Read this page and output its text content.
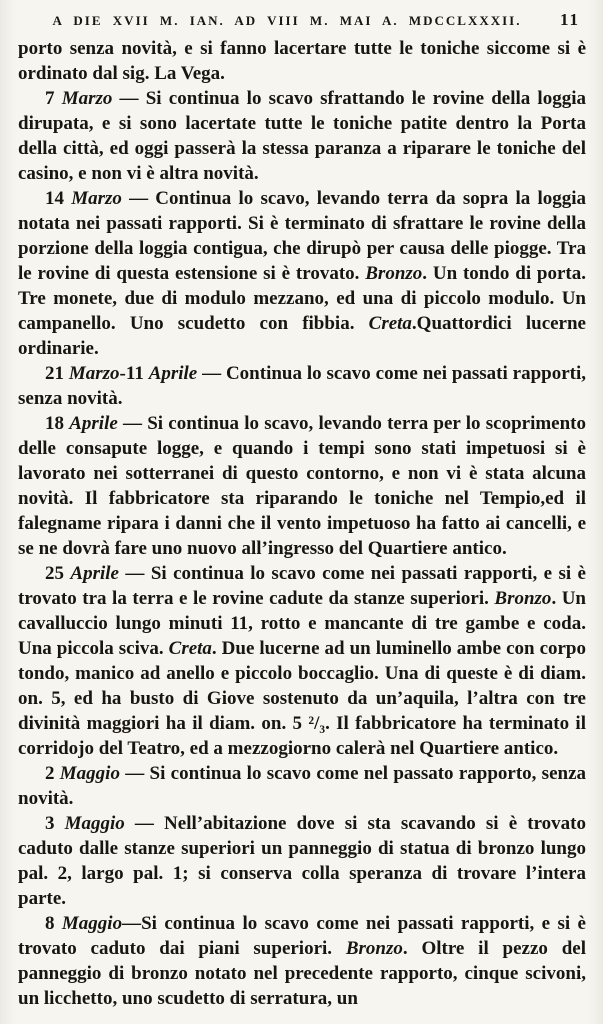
A DIE XVII M. IAN. AD VIII M. MAI A. MDCCLXXXII. 11

porto senza novità, e si fanno lacertare tutte le toniche siccome si è ordinato dal sig. La Vega.

7 Marzo — Si continua lo scavo sfrattando le rovine della loggia dirupata, e si sono lacertate tutte le toniche patite dentro la Porta della città, ed oggi passerà la stessa paranza a riparare le toniche del casino, e non vi è altra novità.

14 Marzo — Continua lo scavo, levando terra da sopra la loggia notata nei passati rapporti. Si è terminato di sfrattare le rovine della porzione della loggia contigua, che dirupò per causa delle piogge. Tra le rovine di questa estensione si è trovato. Bronzo. Un tondo di porta. Tre monete, due di modulo mezzano, ed una di piccolo modulo. Un campanello. Uno scudetto con fibbia. Creta.Quattordici lucerne ordinarie.

21 Marzo-11 Aprile — Continua lo scavo come nei passati rapporti, senza novità.

18 Aprile — Si continua lo scavo, levando terra per lo scoprimento delle consapute logge, e quando i tempi sono stati impetuosi si è lavorato nei sotterranei di questo contorno, e non vi è stata alcuna novità. Il fabbricatore sta riparando le toniche nel Tempio,ed il falegname ripara i danni che il vento impetuoso ha fatto ai cancelli, e se ne dovrà fare uno nuovo all’ingresso del Quartiere antico.

25 Aprile — Si continua lo scavo come nei passati rapporti, e si è trovato tra la terra e le rovine cadute da stanze superiori. Bronzo. Un cavalluccio lungo minuti 11, rotto e mancante di tre gambe e coda. Una piccola sciva. Creta. Due lucerne ad un luminello ambe con corpo tondo, manico ad anello e piccolo boccaglio. Una di queste è di diam. on. 5, ed ha busto di Giove sostenuto da un’aquila, l’altra con tre divinità maggiori ha il diam. on. 5 ²/₃. Il fabbricatore ha terminato il corridojo del Teatro, ed a mezzogiorno calerà nel Quartiere antico.

2 Maggio — Si continua lo scavo come nel passato rapporto, senza novità.

3 Maggio — Nell’abitazione dove si sta scavando si è trovato caduto dalle stanze superiori un panneggio di statua di bronzo lungo pal. 2, largo pal. 1; si conserva colla speranza di trovare l’intera parte.

8 Maggio—Si continua lo scavo come nei passati rapporti, e si è trovato caduto dai piani superiori. Bronzo. Oltre il pezzo del panneggio di bronzo notato nel precedente rapporto, cinque scivoni, un licchetto, uno scudetto di serratura, un
